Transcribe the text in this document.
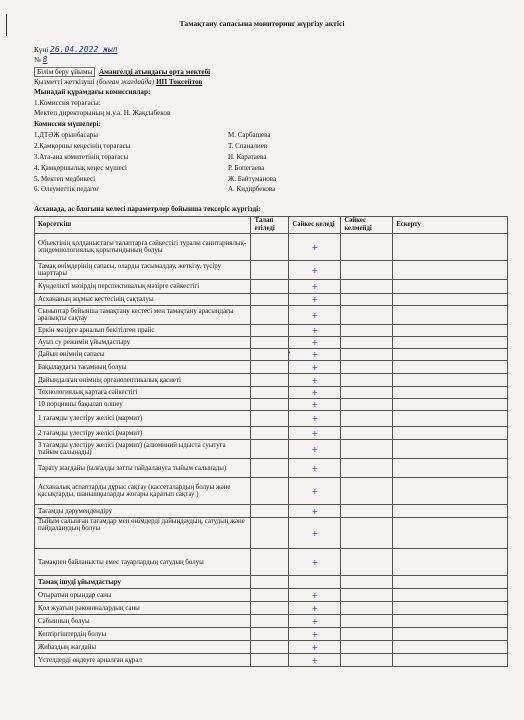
Тамақтану сапасына мониторинг жүргізу актісі
Күні 26.04.2022 жыл
№ 8
Білім беру ұйымы Амангелді атындағы орта мектебі
Қызметті жеткізуші (болған жағдайда) ИП Токсейтов
Мынадай құрамдағы комиссиялар:
1.Комиссия төрағасы:
Мектеп директорының м.у.а. Н. Жақсыбеков
Комиссия мүшелері:
1.ДТӘЖ орынбасары	М. Сарбашева
2.Қамқоршы кеңесінің төрағасы	Т. Спаналиев
3.Ата-ана комитетінің төрағасы	Н. Каратаева
4. Қамқоршылық кеңес мүшесі	Р. Бопегаева
5. Мектеп медбикесі	Ж. Байтуманова
6. Әлеуметтік педагог	А. Кидирбекова
Асханада, ас блогына келесі параметрлер бойынша тексеріс жүргізді:
Көрсеткіш	Талап етіледі	Сәйкес келеді	Сәйкес келмейді	Ескерту
Объектінің қолданыстағы талаптарға сәйкестігі туралы санитариялық-эпидемиологиялық қорытындының болуы		+		
Тамақ өнімдерінің сапасы, оларды тасымалдау, жеткізу, түсіру шарттары		+		
Күнделікті мәзірдің перспективалық мәзірге сәйкестігі		+		
Асхананың жұмыс кестесінің сақталуы		+		
Сыныптар бойынша тамақтану кестесі мен тамақтану арасындағы аралықты сақтау		+		
Еркін мәзірге арналып бекітілген прайс		+		
Ауыз су режимін ұйымдастыру		+		
Дайын өнімнің сапасы		+		
Бақылаудағы тағамның болуы		+		
Дайындалған өнімнің органолептикалық қасиеті		+		
Технологиялық картаға сәйкестігі		+		
10 порцияны бақылап өлшеу		+		
1 тағамды үлестіру желісі (мармит)		+		
2 тағамды үлестіру желісі (мармит)		+		
3 тағамды үлестіру желісі (мармит) (алюминий ыдыста суытуға тыйым салынады)		+		
Тарату жағдайы (ылғалды затты пайдалануға тыйым салынады)		+		
Асханалық аспаптарды дұрыс сақтау (кассеталардың болуы және қасықтарды, шанышқыларды жоғары қаратып сақтау )		+		
Тағамды дәрумендендіру		+		
Тыйым салынған тағамдар мен өнімдерді дайындаудың, сатудың және пайдаланудың болуы		+		
Тамақпен байланысты емес тауарлардың сатудың болуы		+		
Тамақ ішуді ұйымдастыру				
Отыратын орындар саны		+		
Қол жуатын раковиналардың саны		+		
Сабынның болуы		+		
Кептіргіштердің болуы		+		
Жиһаздың жағдайы		+		
Үстелдерді өңдеуге арналған құрал		+		
•
